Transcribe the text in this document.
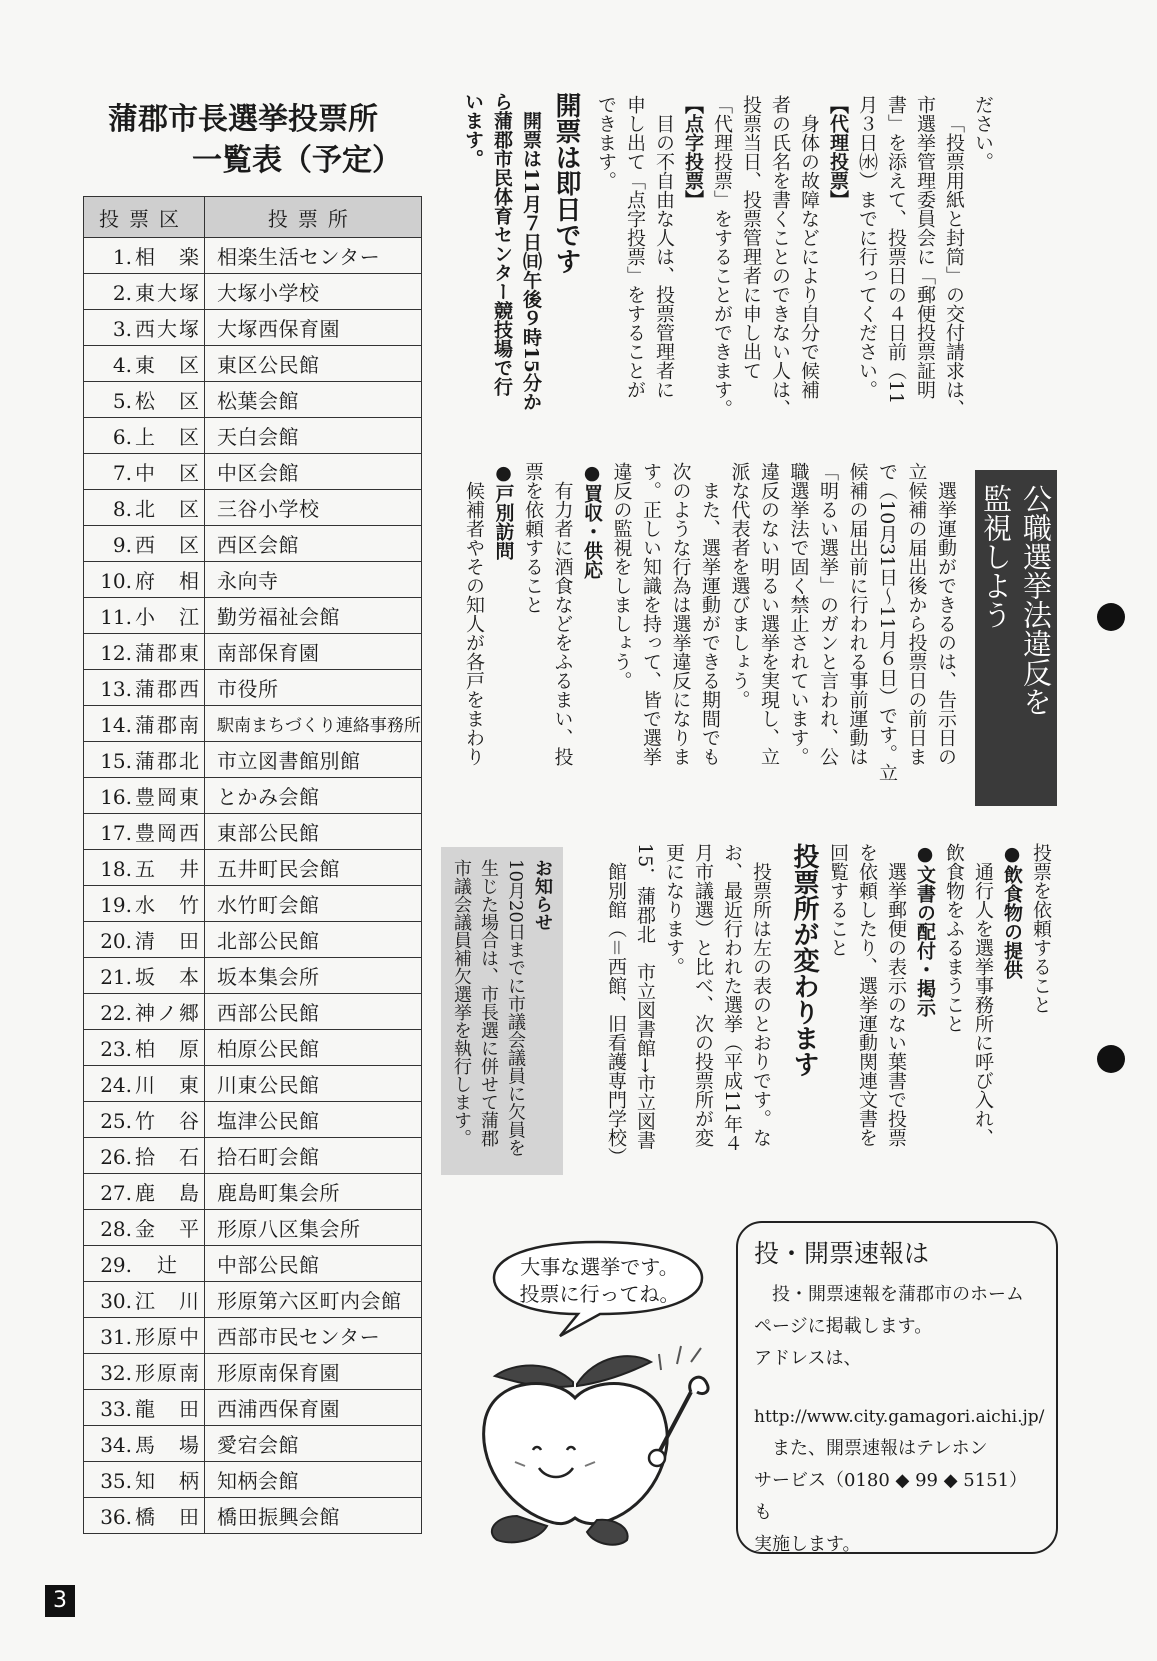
蒲郡市長選挙投票所
一覧表（予定）
投票区	投票所
1. 相　楽	相楽生活センター
2. 東大塚	大塚小学校
3. 西大塚	大塚西保育園
4. 東　区	東区公民館
5. 松　区	松葉会館
6. 上　区	天白会館
7. 中　区	中区会館
8. 北　区	三谷小学校
9. 西　区	西区会館
10. 府　相	永向寺
11. 小　江	勤労福祉会館
12. 蒲郡東	南部保育園
13. 蒲郡西	市役所
14. 蒲郡南	駅南まちづくり連絡事務所
15. 蒲郡北	市立図書館別館
16. 豊岡東	とかみ会館
17. 豊岡西	東部公民館
18. 五　井	五井町民会館
19. 水　竹	水竹町会館
20. 清　田	北部公民館
21. 坂　本	坂本集会所
22. 神ノ郷	西部公民館
23. 柏　原	柏原公民館
24. 川　東	川東公民館
25. 竹　谷	塩津公民館
26. 拾　石	拾石町会館
27. 鹿　島	鹿島町集会所
28. 金　平	形原八区集会所
29. 辻	中部公民館
30. 江　川	形原第六区町内会館
31. 形原中	西部市民センター
32. 形原南	形原南保育園
33. 龍　田	西浦西保育園
34. 馬　場	愛宕会館
35. 知　柄	知柄会館
36. 橋　田	橋田振興会館

ださい。

「投票用紙と封筒」の交付請求は、

市選挙管理委員会に「郵便投票証明

書」を添えて、投票日の４日前（11

月３日㈬）までに行ってください。

【代理投票】

身体の故障などにより自分で候補

者の氏名を書くことのできない人は、

投票当日、投票管理者に申し出て

「代理投票」をすることができます。

【点字投票】

目の不自由な人は、投票管理者に

申し出て「点字投票」をすることが

できます。

開票は即日です

開票は11月７日㈰午後９時15分か

ら蒲郡市民体育センター競技場で行

います。

公職選挙法違反を

監視しよう

選挙運動ができるのは、告示日の

立候補の届出後から投票日の前日ま

で（10月31日〜11月６日）です。立

候補の届出前に行われる事前運動は

「明るい選挙」のガンと言われ、公

職選挙法で固く禁止されています。

違反のない明るい選挙を実現し、立

派な代表者を選びましょう。

また、選挙運動ができる期間でも

次のような行為は選挙違反になりま

す。正しい知識を持って、皆で選挙

違反の監視をしましょう。

●買収・供応

有力者に酒食などをふるまい、投

票を依頼すること

●戸別訪問

候補者やその知人が各戸をまわり

投票を依頼すること

●飲食物の提供

通行人を選挙事務所に呼び入れ、

飲食物をふるまうこと

●文書の配付・掲示

選挙郵便の表示のない葉書で投票

を依頼したり、選挙運動関連文書を

回覧すること

投票所が変わります

投票所は左の表のとおりです。な

お、最近行われた選挙（平成11年４

月市議選）と比べ、次の投票所が変

更になります。

15．蒲郡北　市立図書館→市立図書

館別館（＝西館、旧看護専門学校）

お知らせ

10月20日までに市議会議員に欠員を

生じた場合は、市長選に併せて蒲郡

市議会議員補欠選挙を執行します。

大事な選挙です。
投票に行ってね。
投・開票速報は
投・開票速報を蒲郡市のホーム
ページに掲載します。
アドレスは、
http://www.city.gamagori.aichi.jp/
また、開票速報はテレホン
サービス（0180 ◆ 99 ◆ 5151）も
実施します。
3
